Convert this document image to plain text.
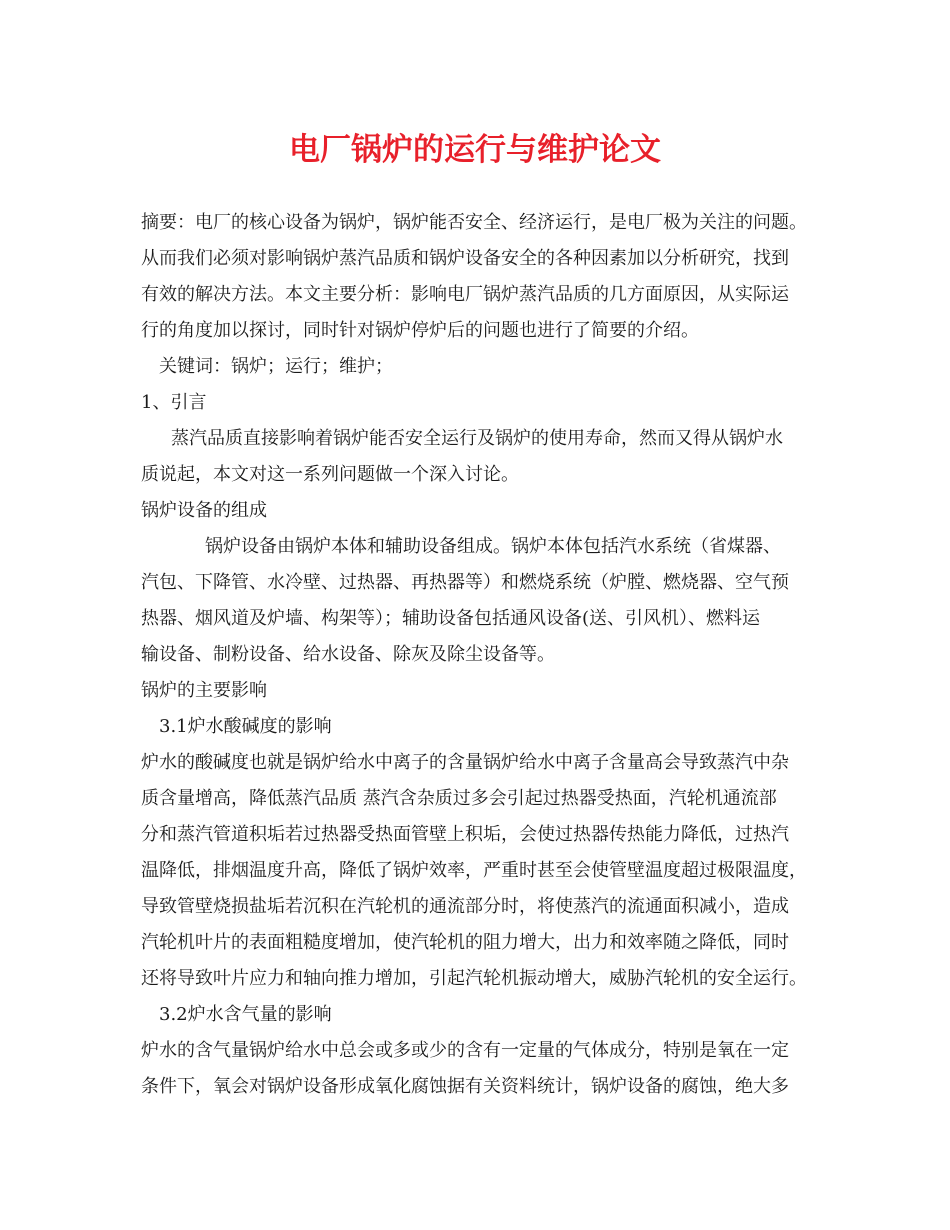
电厂锅炉的运行与维护论文

摘要：电厂的核心设备为锅炉，锅炉能否安全、经济运行，是电厂极为关注的问题。

从而我们必须对影响锅炉蒸汽品质和锅炉设备安全的各种因素加以分析研究，找到

有效的解决方法。本文主要分析：影响电厂锅炉蒸汽品质的几方面原因，从实际运

行的角度加以探讨，同时针对锅炉停炉后的问题也进行了简要的介绍。

关键词：锅炉；运行；维护；

1、引言

蒸汽品质直接影响着锅炉能否安全运行及锅炉的使用寿命，然而又得从锅炉水

质说起，本文对这一系列问题做一个深入讨论。

锅炉设备的组成

锅炉设备由锅炉本体和辅助设备组成。锅炉本体包括汽水系统（省煤器、

汽包、下降管、水冷壁、过热器、再热器等）和燃烧系统（炉膛、燃烧器、空气预

热器、烟风道及炉墙、构架等）；辅助设备包括通风设备(送、引风机）、燃料运

输设备、制粉设备、给水设备、除灰及除尘设备等。

锅炉的主要影响

3.1炉水酸碱度的影响

炉水的酸碱度也就是锅炉给水中离子的含量锅炉给水中离子含量高会导致蒸汽中杂

质含量增高，降低蒸汽品质 蒸汽含杂质过多会引起过热器受热面，汽轮机通流部

分和蒸汽管道积垢若过热器受热面管壁上积垢，会使过热器传热能力降低，过热汽

温降低，排烟温度升高，降低了锅炉效率，严重时甚至会使管壁温度超过极限温度，

导致管壁烧损盐垢若沉积在汽轮机的通流部分时，将使蒸汽的流通面积减小，造成

汽轮机叶片的表面粗糙度增加，使汽轮机的阻力增大，出力和效率随之降低，同时

还将导致叶片应力和轴向推力增加，引起汽轮机振动增大，威胁汽轮机的安全运行。

3.2炉水含气量的影响

炉水的含气量锅炉给水中总会或多或少的含有一定量的气体成分，特别是氧在一定

条件下，氧会对锅炉设备形成氧化腐蚀据有关资料统计，锅炉设备的腐蚀，绝大多
